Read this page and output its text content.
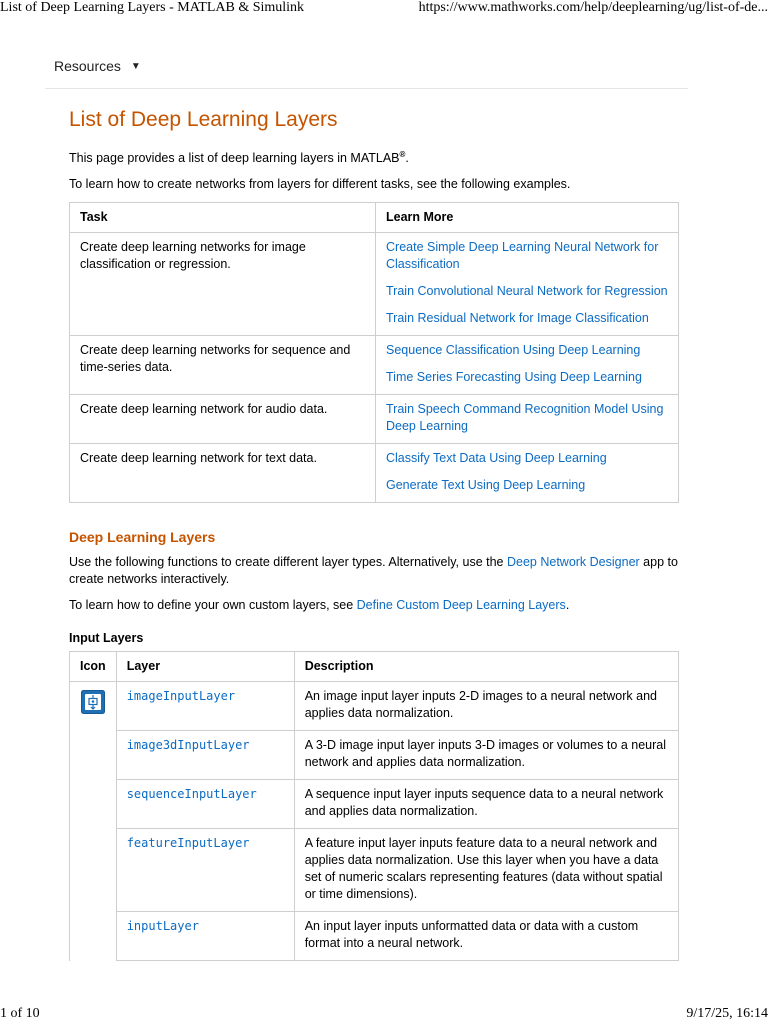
List of Deep Learning Layers - MATLAB & Simulink	https://www.mathworks.com/help/deeplearning/ug/list-of-de...
Resources ▼
List of Deep Learning Layers

This page provides a list of deep learning layers in MATLAB®.

To learn how to create networks from layers for different tasks, see the following examples.

Task	Learn More
Create deep learning networks for image classification or regression.	Create Simple Deep Learning Neural Network for Classification
Train Convolutional Neural Network for Regression
Train Residual Network for Image Classification

Create deep learning networks for sequence and time-series data.	Sequence Classification Using Deep Learning
Time Series Forecasting Using Deep Learning

Create deep learning network for audio data.	Train Speech Command Recognition Model Using Deep Learning

Create deep learning network for text data.	Classify Text Data Using Deep Learning
Generate Text Using Deep Learning
Deep Learning Layers

Use the following functions to create different layer types. Alternatively, use the Deep Network Designer app to create networks interactively.

To learn how to define your own custom layers, see Define Custom Deep Learning Layers.

Input Layers
Icon	Layer	Description

	imageInputLayer	An image input layer inputs 2-D images to a neural network and applies data normalization.
	image3dInputLayer	A 3-D image input layer inputs 3-D images or volumes to a neural network and applies data normalization.
	sequenceInputLayer	A sequence input layer inputs sequence data to a neural network and applies data normalization.
	featureInputLayer	A feature input layer inputs feature data to a neural network and applies data normalization. Use this layer when you have a data set of numeric scalars representing features (data without spatial or time dimensions).
	inputLayer	An input layer inputs unformatted data or data with a custom format into a neural network.
1 of 10	9/17/25, 16:14
